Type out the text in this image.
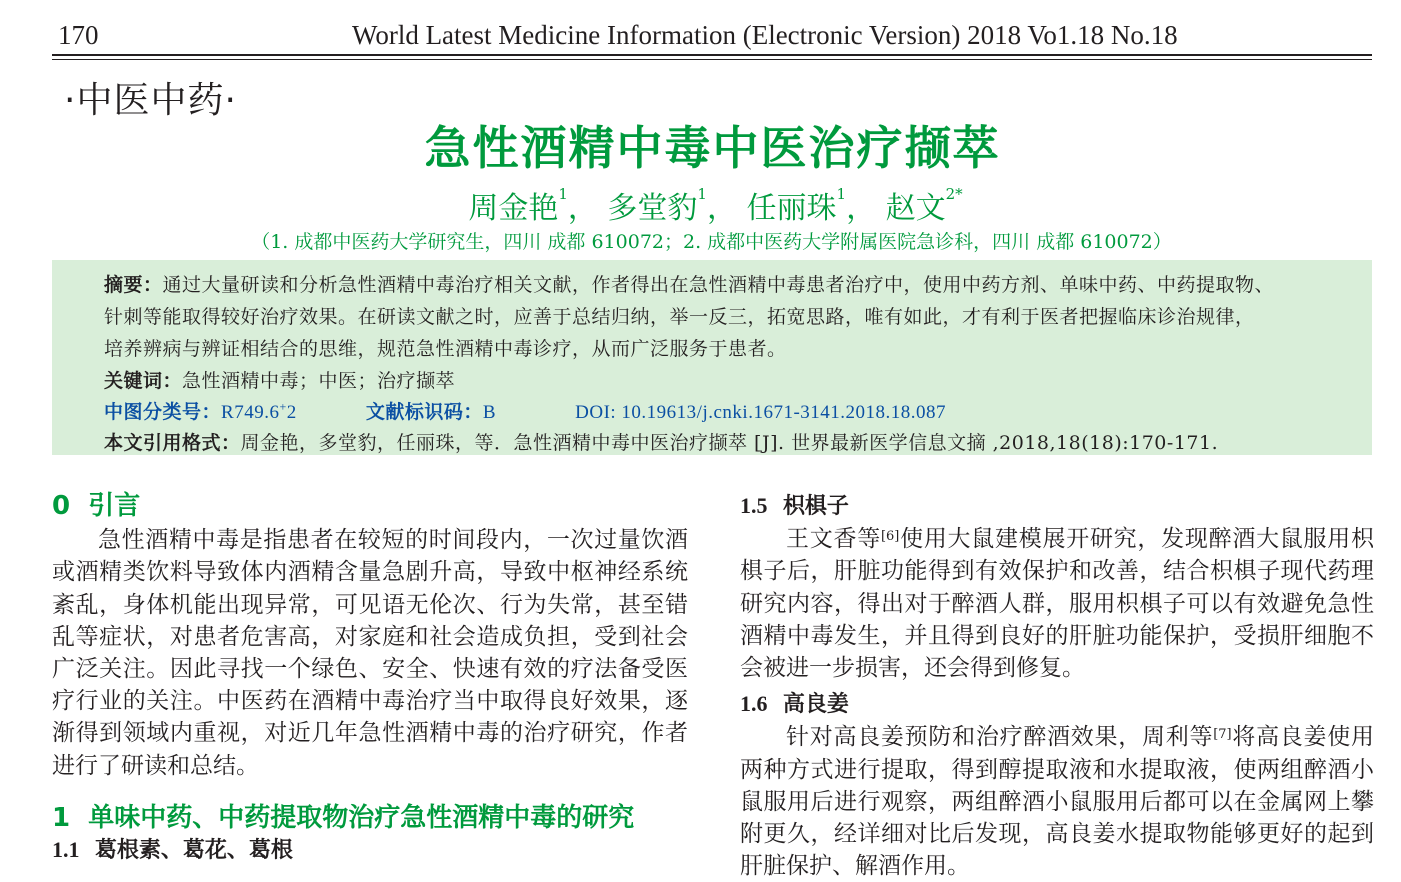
170	World Latest Medicine Information (Electronic Version) 2018 Vo1.18 No.18
·中医中药·
急性酒精中毒中医治疗撷萃
周金艳$^1$， 多堂豹$^1$， 任丽珠$^1$， 赵文$^{2*}$
（1. 成都中医药大学研究生，四川 成都 610072；2. 成都中医药大学附属医院急诊科，四川 成都 610072）
摘要：通过大量研读和分析急性酒精中毒治疗相关文献，作者得出在急性酒精中毒患者治疗中，使用中药方剂、单味中药、中药提取物、
针刺等能取得较好治疗效果。在研读文献之时，应善于总结归纳，举一反三，拓宽思路，唯有如此，才有利于医者把握临床诊治规律，
培养辨病与辨证相结合的思维，规范急性酒精中毒诊疗，从而广泛服务于患者。
关键词：急性酒精中毒；中医；治疗撷萃
中图分类号：R749.6+2	文献标识码：B	DOI: 10.19613/j.cnki.1671-3141.2018.18.087
本文引用格式：周金艳，多堂豹，任丽珠，等．急性酒精中毒中医治疗撷萃 [J]. 世界最新医学信息文摘 ,2018,18(18):170-171.
0 引言

急性酒精中毒是指患者在较短的时间段内，一次过量饮酒或酒精类饮料导致体内酒精含量急剧升高，导致中枢神经系统紊乱，身体机能出现异常，可见语无伦次、行为失常，甚至错乱等症状，对患者危害高，对家庭和社会造成负担，受到社会广泛关注。因此寻找一个绿色、安全、快速有效的疗法备受医疗行业的关注。中医药在酒精中毒治疗当中取得良好效果，逐渐得到领域内重视，对近几年急性酒精中毒的治疗研究，作者进行了研读和总结。

1 单味中药、中药提取物治疗急性酒精中毒的研究
1.1 葛根素、葛花、葛根
1.5 枳椇子

王文香等[6]使用大鼠建模展开研究，发现醉酒大鼠服用枳椇子后，肝脏功能得到有效保护和改善，结合枳椇子现代药理研究内容，得出对于醉酒人群，服用枳椇子可以有效避免急性酒精中毒发生，并且得到良好的肝脏功能保护，受损肝细胞不会被进一步损害，还会得到修复。

1.6 高良姜

针对高良姜预防和治疗醉酒效果，周利等[7]将高良姜使用两种方式进行提取，得到醇提取液和水提取液，使两组醉酒小鼠服用后进行观察，两组醉酒小鼠服用后都可以在金属网上攀附更久，经详细对比后发现，高良姜水提取物能够更好的起到肝脏保护、解酒作用。
